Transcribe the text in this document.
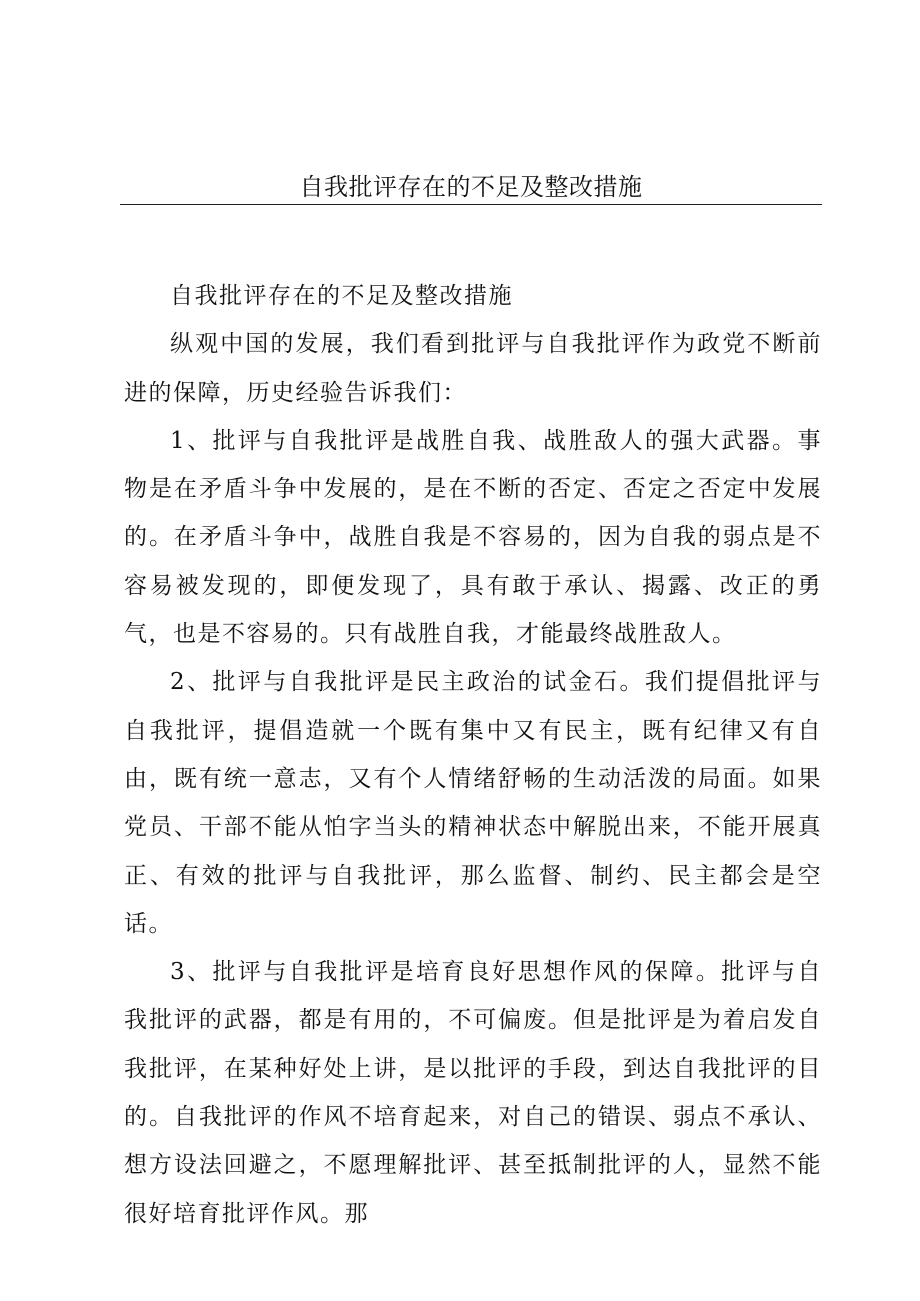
自我批评存在的不足及整改措施

自我批评存在的不足及整改措施

纵观中国的发展，我们看到批评与自我批评作为政党不断前进的保障，历史经验告诉我们：

1、批评与自我批评是战胜自我、战胜敌人的强大武器。事物是在矛盾斗争中发展的，是在不断的否定、否定之否定中发展的。在矛盾斗争中，战胜自我是不容易的，因为自我的弱点是不容易被发现的，即便发现了，具有敢于承认、揭露、改正的勇气，也是不容易的。只有战胜自我，才能最终战胜敌人。

2、批评与自我批评是民主政治的试金石。我们提倡批评与自我批评，提倡造就一个既有集中又有民主，既有纪律又有自由，既有统一意志，又有个人情绪舒畅的生动活泼的局面。如果党员、干部不能从怕字当头的精神状态中解脱出来，不能开展真正、有效的批评与自我批评，那么监督、制约、民主都会是空话。

3、批评与自我批评是培育良好思想作风的保障。批评与自我批评的武器，都是有用的，不可偏废。但是批评是为着启发自我批评，在某种好处上讲，是以批评的手段，到达自我批评的目的。自我批评的作风不培育起来，对自己的错误、弱点不承认、想方设法回避之，不愿理解批评、甚至抵制批评的人，显然不能很好培育批评作风。那
